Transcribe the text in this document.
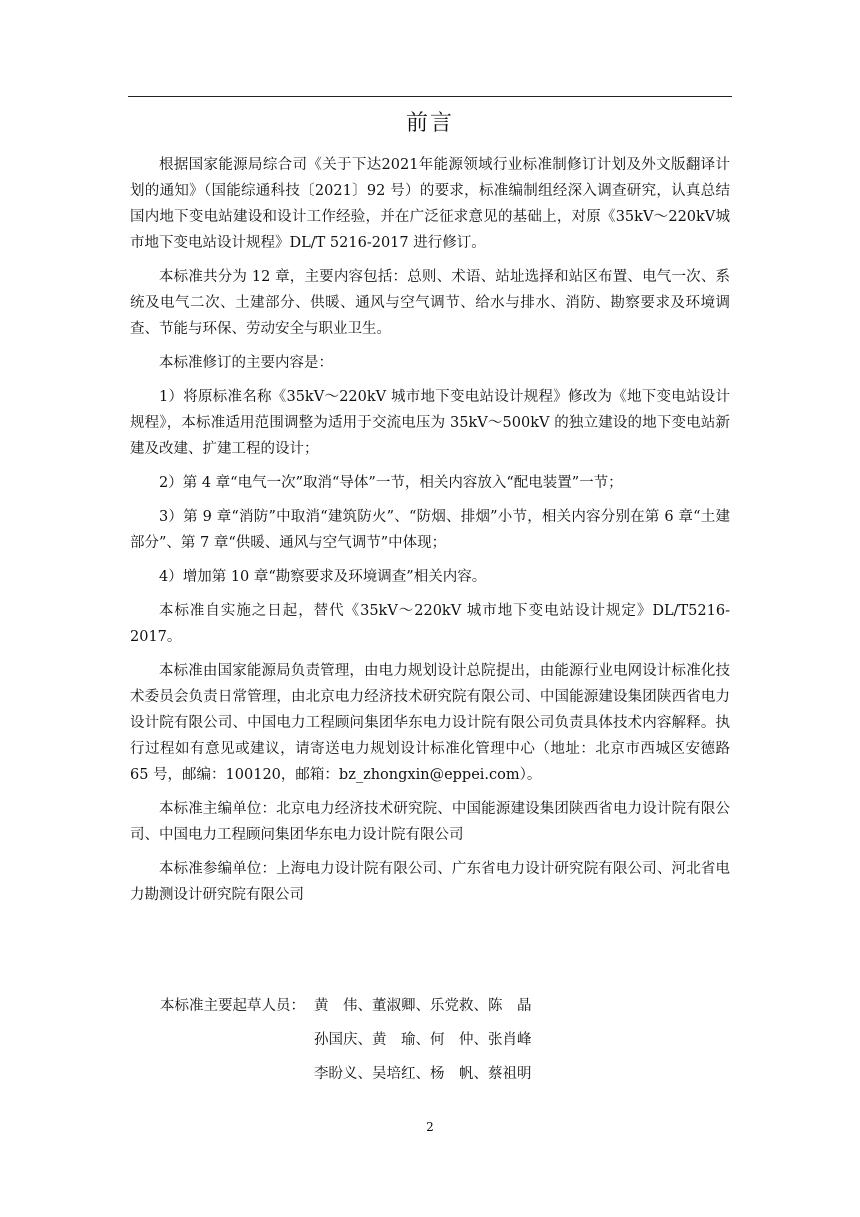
前言

根据国家能源局综合司《关于下达2021年能源领域行业标准制修订计划及外文版翻译计划的通知》（国能综通科技〔2021〕92 号）的要求，标准编制组经深入调查研究，认真总结国内地下变电站建设和设计工作经验，并在广泛征求意见的基础上，对原《35kV～220kV城市地下变电站设计规程》DL/T 5216-2017 进行修订。

本标准共分为 12 章，主要内容包括：总则、术语、站址选择和站区布置、电气一次、系统及电气二次、土建部分、供暖、通风与空气调节、给水与排水、消防、勘察要求及环境调查、节能与环保、劳动安全与职业卫生。

本标准修订的主要内容是：

1）将原标准名称《35kV～220kV 城市地下变电站设计规程》修改为《地下变电站设计规程》，本标准适用范围调整为适用于交流电压为 35kV～500kV 的独立建设的地下变电站新建及改建、扩建工程的设计；

2）第 4 章“电气一次”取消“导体”一节，相关内容放入“配电装置”一节；

3）第 9 章“消防”中取消“建筑防火”、“防烟、排烟”小节，相关内容分别在第 6 章“土建部分”、第 7 章“供暖、通风与空气调节”中体现；

4）增加第 10 章“勘察要求及环境调查”相关内容。

本标准自实施之日起，替代《35kV～220kV 城市地下变电站设计规定》DL/T5216-2017。

本标准由国家能源局负责管理，由电力规划设计总院提出，由能源行业电网设计标准化技术委员会负责日常管理，由北京电力经济技术研究院有限公司、中国能源建设集团陕西省电力设计院有限公司、中国电力工程顾问集团华东电力设计院有限公司负责具体技术内容解释。执行过程如有意见或建议，请寄送电力规划设计标准化管理中心（地址：北京市西城区安德路 65 号，邮编：100120，邮箱：bz_zhongxin@eppei.com）。

本标准主编单位：北京电力经济技术研究院、中国能源建设集团陕西省电力设计院有限公司、中国电力工程顾问集团华东电力设计院有限公司

本标准参编单位：上海电力设计院有限公司、广东省电力设计研究院有限公司、河北省电力勘测设计研究院有限公司

本标准主要起草人员： 黄　伟、董淑卿、乐党救、陈　晶
孙国庆、黄　瑜、何　仲、张肖峰
李盼义、吴培红、杨　帆、蔡祖明
2
